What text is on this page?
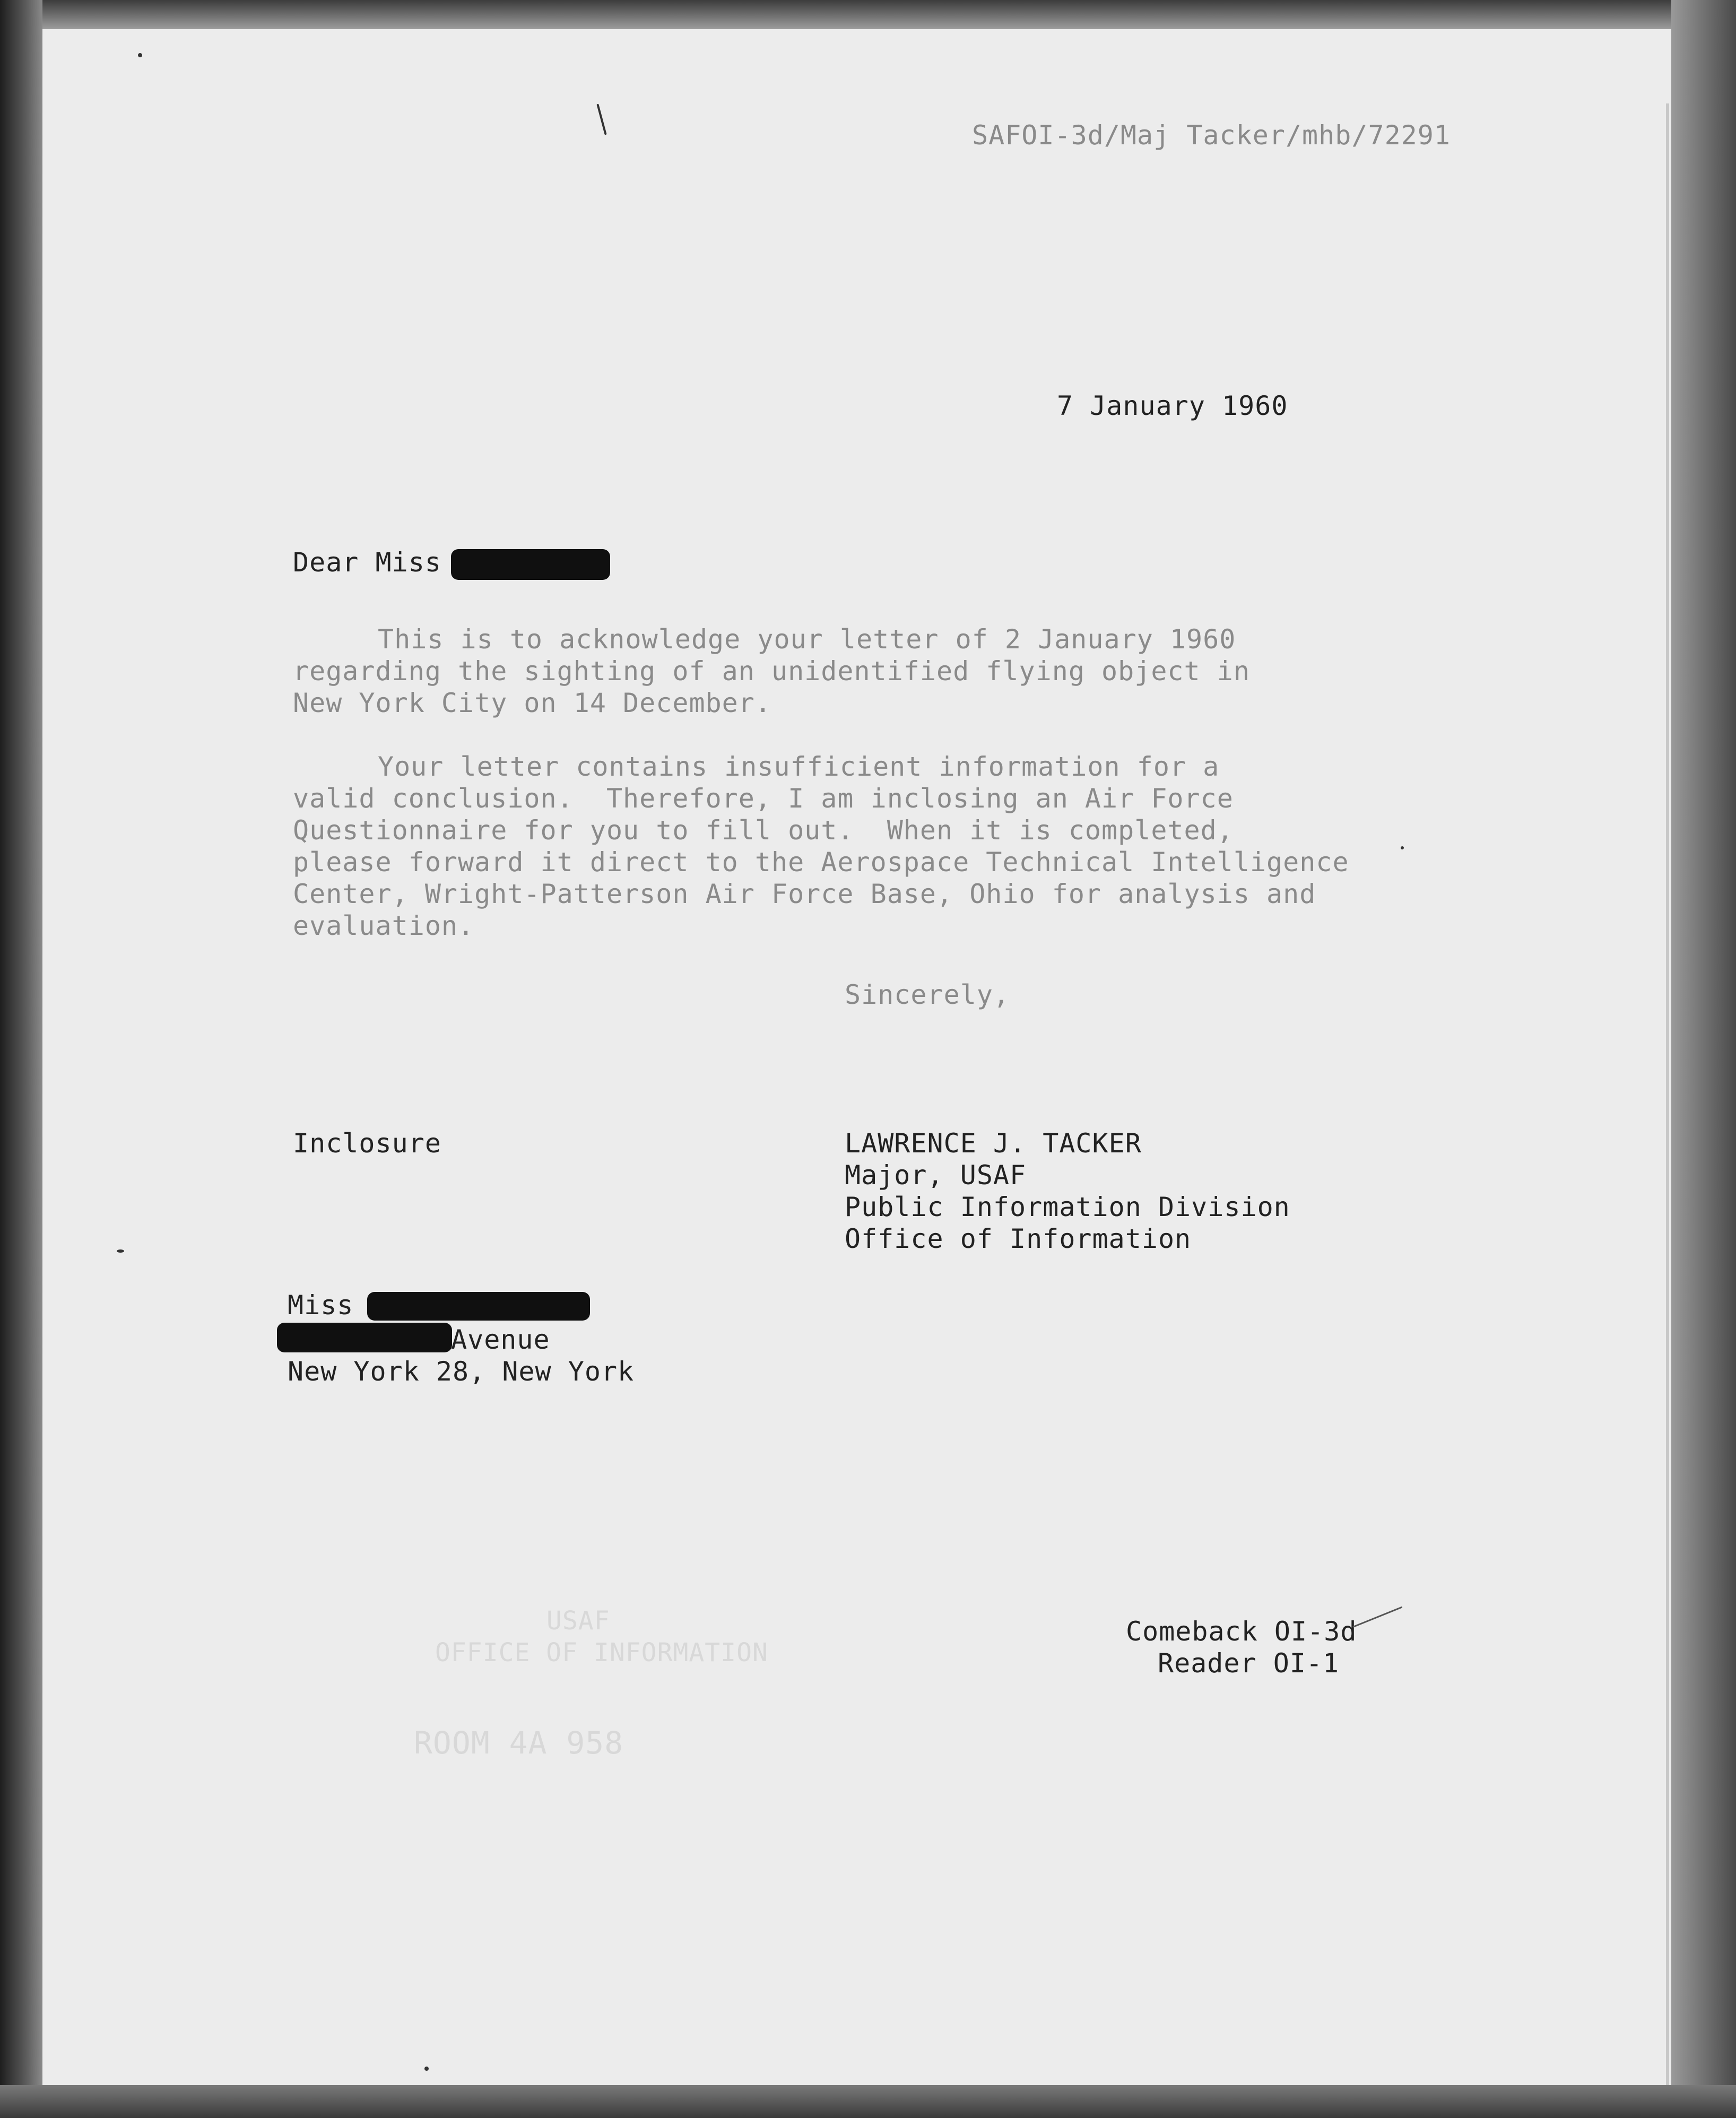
SAFOI-3d/Maj Tacker/mhb/72291
7 January 1960
Dear Miss
This is to acknowledge your letter of 2 January 1960
regarding the sighting of an unidentified flying object in
New York City on 14 December.
Your letter contains insufficient information for a
valid conclusion.  Therefore, I am inclosing an Air Force
Questionnaire for you to fill out.  When it is completed,
please forward it direct to the Aerospace Technical Intelligence
Center, Wright-Patterson Air Force Base, Ohio for analysis and
evaluation.
Sincerely,
Inclosure	LAWRENCE J. TACKER
Major, USAF
Public Information Division
Office of Information
Miss
Avenue
New York 28, New York
USAF
OFFICE OF INFORMATION
ROOM 4A 958
Comeback OI-3d
Reader OI-1
